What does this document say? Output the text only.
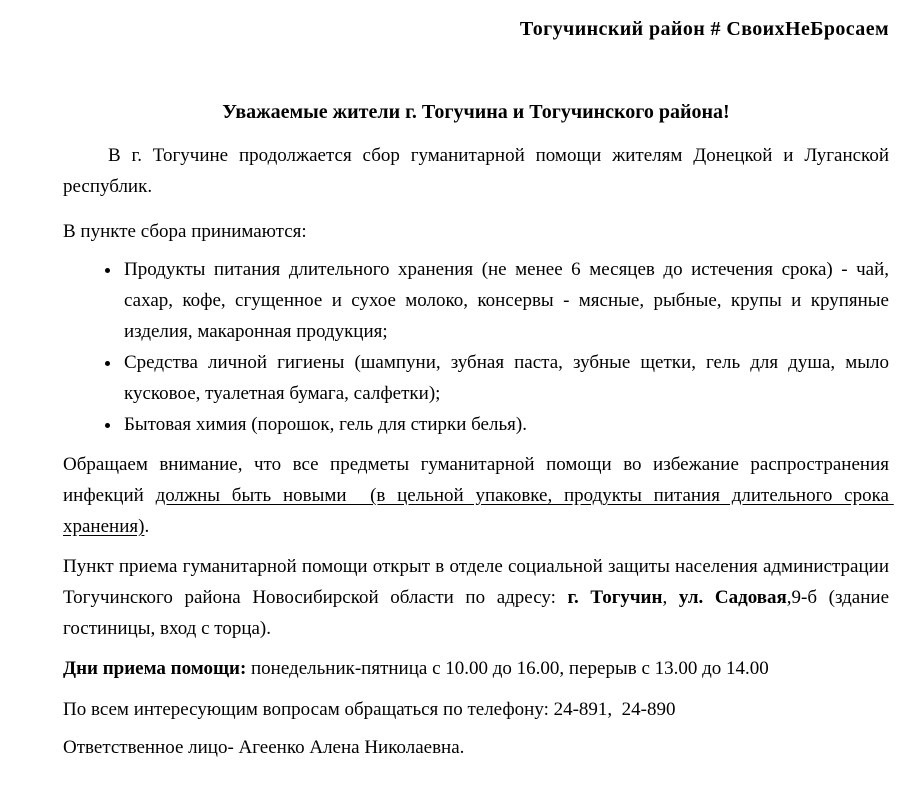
Тогучинский район # СвоихНеБросаем
Уважаемые жители г. Тогучина и Тогучинского района!

В г. Тогучине продолжается сбор гуманитарной помощи жителям Донецкой и Луганской республик.

В пункте сбора принимаются:

• Продукты питания длительного хранения (не менее 6 месяцев до истечения срока) - чай, сахар, кофе, сгущенное и сухое молоко, консервы - мясные, рыбные, крупы и крупяные изделия, макаронная продукция;
• Средства личной гигиены (шампуни, зубная паста, зубные щетки, гель для душа, мыло кусковое, туалетная бумага, салфетки);
• Бытовая химия (порошок, гель для стирки белья).

Обращаем внимание, что все предметы гуманитарной помощи во избежание распространения инфекций должны быть новыми  (в цельной упаковке, продукты питания длительного срока хранения).

Пункт приема гуманитарной помощи открыт в отделе социальной защиты населения администрации Тогучинского района Новосибирской области по адресу: г. Тогучин, ул. Садовая,9-б (здание гостиницы, вход с торца).

Дни приема помощи: понедельник-пятница с 10.00 до 16.00, перерыв с 13.00 до 14.00

По всем интересующим вопросам обращаться по телефону: 24-891,  24-890

Ответственное лицо- Агеенко Алена Николаевна.
